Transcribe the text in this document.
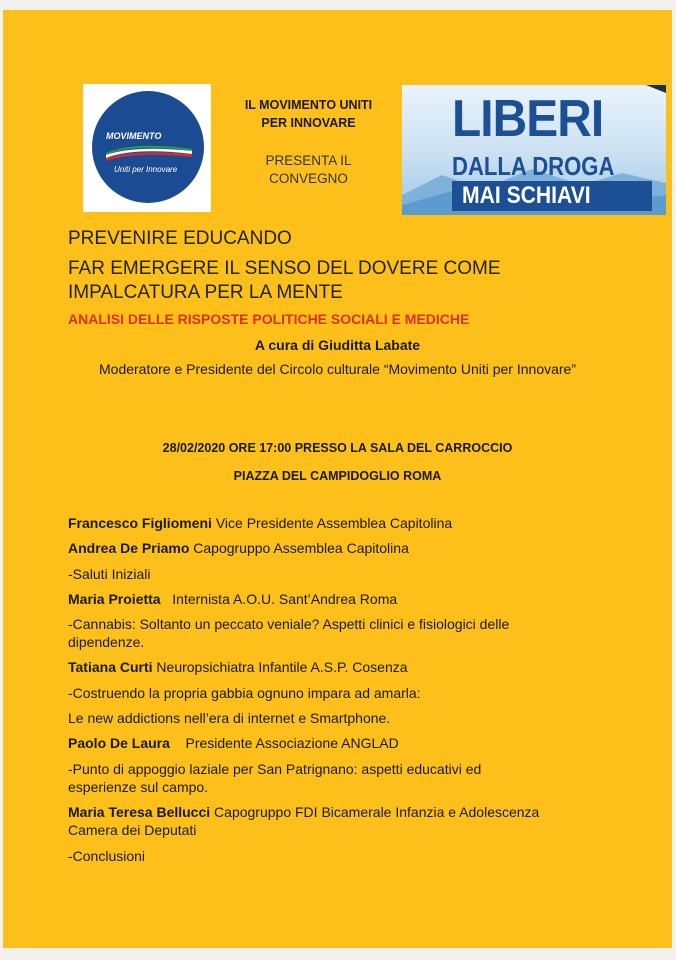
MOVIMENTO
Uniti per Innovare
IL MOVIMENTO UNITI
PER INNOVARE
PRESENTA IL
CONVEGNO
LIBERI
DALLA DROGA
MAI SCHIAVI
PREVENIRE EDUCANDO
FAR EMERGERE IL SENSO DEL DOVERE COME
IMPALCATURA PER LA MENTE
ANALISI DELLE RISPOSTE POLITICHE SOCIALI E MEDICHE
A cura di Giuditta Labate
Moderatore e Presidente del Circolo culturale “Movimento Uniti per Innovare”
28/02/2020 ORE 17:00 PRESSO LA SALA DEL CARROCCIO
PIAZZA DEL CAMPIDOGLIO ROMA
Francesco Figliomeni Vice Presidente Assemblea Capitolina
Andrea De Priamo Capogruppo Assemblea Capitolina
-Saluti Iniziali
Maria Proietta   Internista A.O.U. Sant’Andrea Roma
-Cannabis: Soltanto un peccato veniale? Aspetti clinici e fisiologici delle
dipendenze.
Tatiana Curti Neuropsichiatra Infantile A.S.P. Cosenza
-Costruendo la propria gabbia ognuno impara ad amarla:
Le new addictions nell’era di internet e Smartphone.
Paolo De Laura    Presidente Associazione ANGLAD
-Punto di appoggio laziale per San Patrignano: aspetti educativi ed
esperienze sul campo.
Maria Teresa Bellucci Capogruppo FDI Bicamerale Infanzia e Adolescenza
Camera dei Deputati
-Conclusioni
